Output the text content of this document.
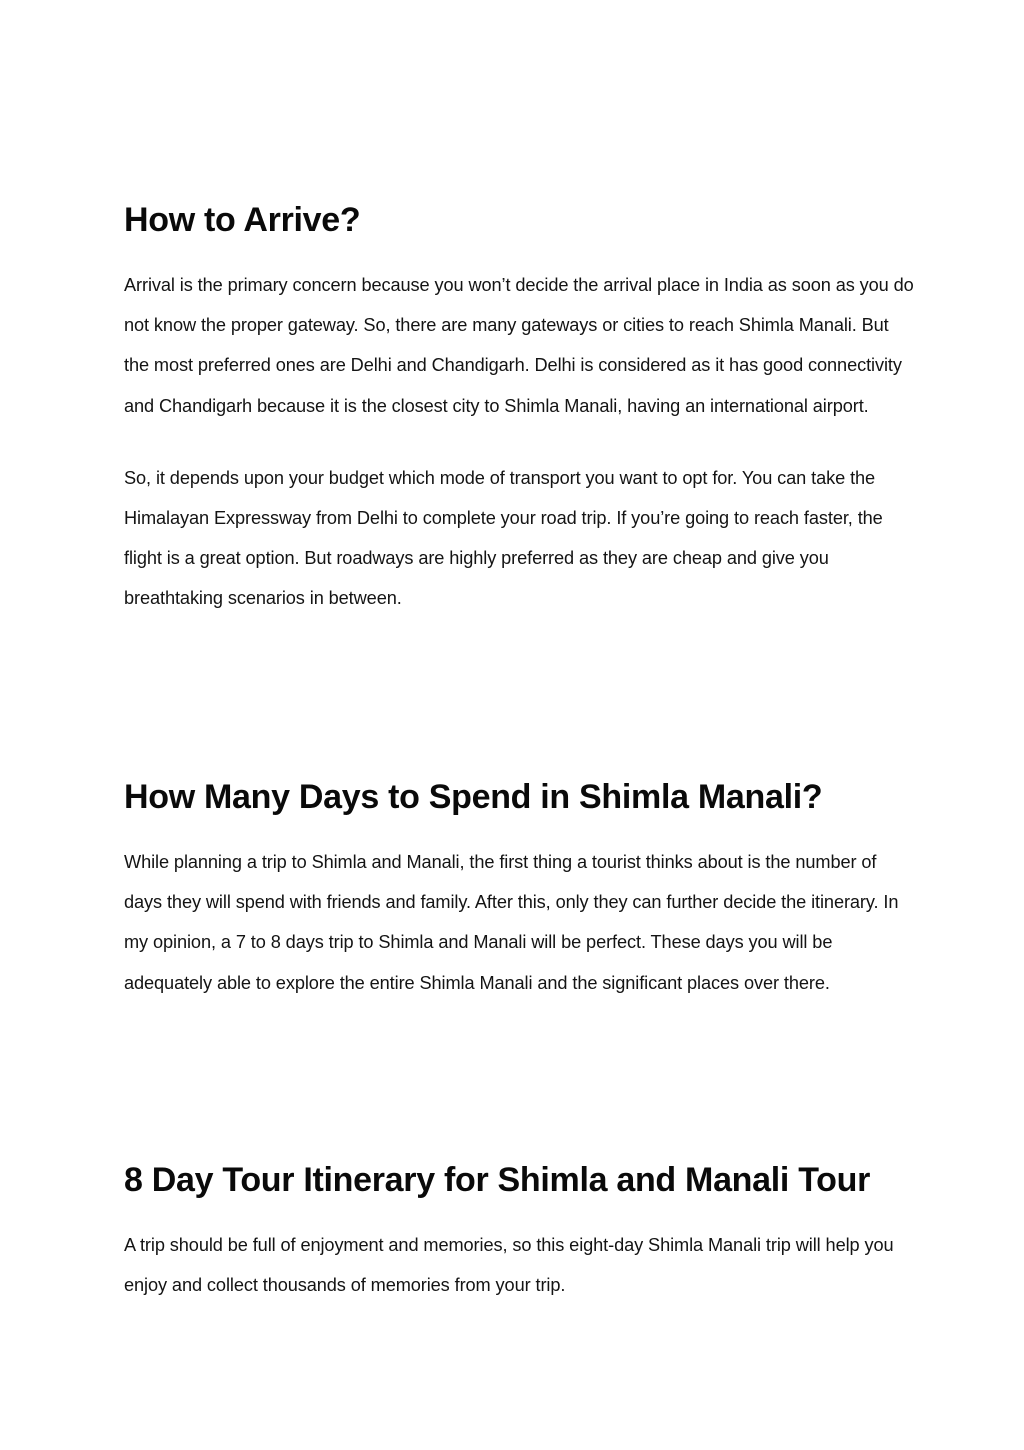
How to Arrive?

Arrival is the primary concern because you won’t decide the arrival place in India as soon as you do not know the proper gateway. So, there are many gateways or cities to reach Shimla Manali. But the most preferred ones are Delhi and Chandigarh. Delhi is considered as it has good connectivity and Chandigarh because it is the closest city to Shimla Manali, having an international airport.

So, it depends upon your budget which mode of transport you want to opt for. You can take the Himalayan Expressway from Delhi to complete your road trip. If you’re going to reach faster, the flight is a great option. But roadways are highly preferred as they are cheap and give you breathtaking scenarios in between.

How Many Days to Spend in Shimla Manali?

While planning a trip to Shimla and Manali, the first thing a tourist thinks about is the number of days they will spend with friends and family. After this, only they can further decide the itinerary. In my opinion, a 7 to 8 days trip to Shimla and Manali will be perfect. These days you will be adequately able to explore the entire Shimla Manali and the significant places over there.

8 Day Tour Itinerary for Shimla and Manali Tour

A trip should be full of enjoyment and memories, so this eight-day Shimla Manali trip will help you enjoy and collect thousands of memories from your trip.
